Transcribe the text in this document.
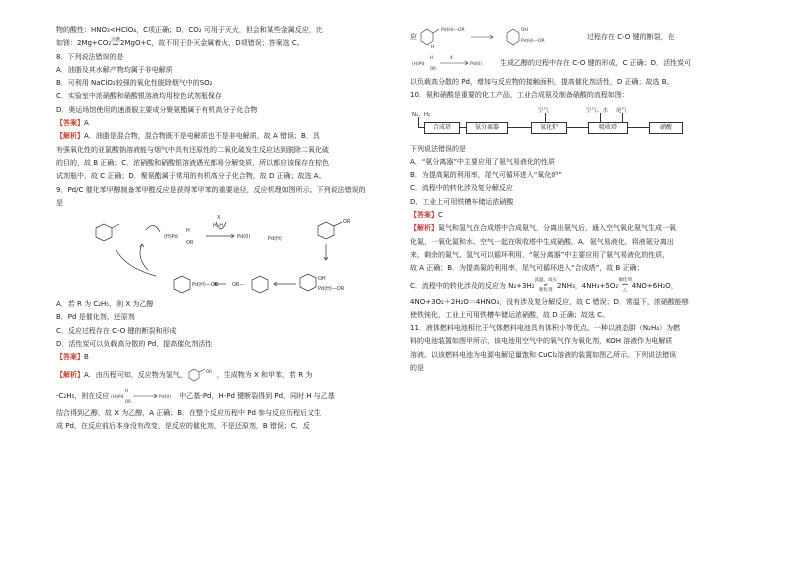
物的酸性：HNO₃<HClO₄，C项正确；D．CO₂ 可用于灭火，但会和某些金属反应，比

如镁：2Mg+CO₂点燃
══ 2MgO+C，故不用于扑灭金属着火，D项错误；答案选 C。

8．下列说法错误的是

A．油脂及其水解产物均属于非电解质

B．可利用 NaClO₂较强的氧化性脱除烟气中的SO₂

C．实验室中浓硝酸和硝酸银溶液均用棕色试剂瓶保存

D．奥运场馆使用的速滑服主要成分聚氨酯属于有机高分子化合物

【答案】A

【解析】A．油脂是混合物，混合物既不是电解质也不是非电解质，故 A 错误；B．具

有强氧化性的亚氯酸钠溶液能与烟气中具有还原性的二氧化硫发生反应达到脱除二氧化硫

的目的，故 B 正确；C．浓硝酸和硝酸银溶液遇光都易分解变质，所以都应该保存在棕色

试剂瓶中，故 C 正确；D．聚氨酯属于常用的有机高分子化合物，故 D 正确；故选 A。

9．Pd/C 催化苯甲醇制备苯甲醛反应是获得苯甲苯的重要途径，反应机理如图所示。下列说法错误的

是

(H)Pd
H
OR
Pd(0)
OR
Pd(H)
Pd(H)—OR	OR—
OH
Pd(H)—OR
X
H–H

A．若 R 为 C₂H₅，则 X 为乙醇

B．Pd 是催化剂、还原剂

C．反应过程存在 C-O 键的断裂和形成

D．活性炭可以负载高分散的 Pd，提高催化剂活性

【答案】B

【解析】A．由历程可知，反应物为氢气，	OR ，生成物为 X 和甲苯，若 R 为

-C₂H₅，则在反应 (H)Pd
H
OR
Pd(0) 中乙基-Pd，H-Pd 键断裂得到 Pd，同时 H 与乙基

结合得到乙醇，故 X 为乙醇，A 正确；B．在整个反应历程中 Pd 参与反应历程后又生

成 Pd，在反应前后本身没有改变，是反应的催化剂，不是还原剂，B 错误；C．反

应
Pd(H)—OR	OH
Pd(H)—OR
H
过程存在 C-O 键的断裂，在

(H)Pd
H
OR
X
Pd(0)	生成乙醇的过程中存在 C-O 键的形成，C 正确；D．活性炭可

以负载高分散的 Pd，增加与反应物的接触面积，提高催化剂活性，D 正确；故选 B。

10．氨和硝酸是重要的化工产品，工业合成氨及制备硝酸的流程如图：

N₂、H₂
合成塔	氨分离器
空气
氧化炉
空气、水 尾气
吸收塔	硝酸

下列说法错误的是

A．“氨分离器”中主要应用了氨气易液化的性质

B．为提高氮的利用率，尾气可循环进入“氧化炉”

C．流程中的转化涉及复分解反应

D．工业上可用铁槽车储运浓硝酸

【答案】C

【解析】氮气和氢气在合成塔中合成氨气，分离出氨气后，通入空气氧化氨气生成一氧

化氮，一氧化氮和水、空气一起在吸收塔中生成硝酸。A．氨气易液化，将液氨分离出

来，剩余的氮气、氢气可以循环利用，“氨分离器”中主要应用了氨气易液化的性质，

故 A 正确；B．为提高氮的利用率，尾气可循环进入“合成塔”，故 B 正确；

C．流程中的转化涉及的反应为 N₂+3H₂高温、高压
⇌
催化剂2NH₃，4NH₃+5O₂催化剂
══
△4NO+6H₂O，

4NO+3O₂＋2H₂O＝4HNO₃，没有涉及复分解反应，故 C 错误；D．常温下，浓硝酸能够

使铁钝化，工业上可用铁槽车储运浓硝酸，故 D 正确；故选 C。

11．液体燃料电池相比于气体燃料电池具有体积小等优点。一种以液态肼（N₂H₄）为燃

料的电池装置如图甲所示，该电池用空气中的氧气作为氧化剂，KOH 溶液作为电解质

溶液。以该燃料电池为电源电解足量饱和 CuCl₂溶液的装置如图乙所示。下列说法错误

的是
